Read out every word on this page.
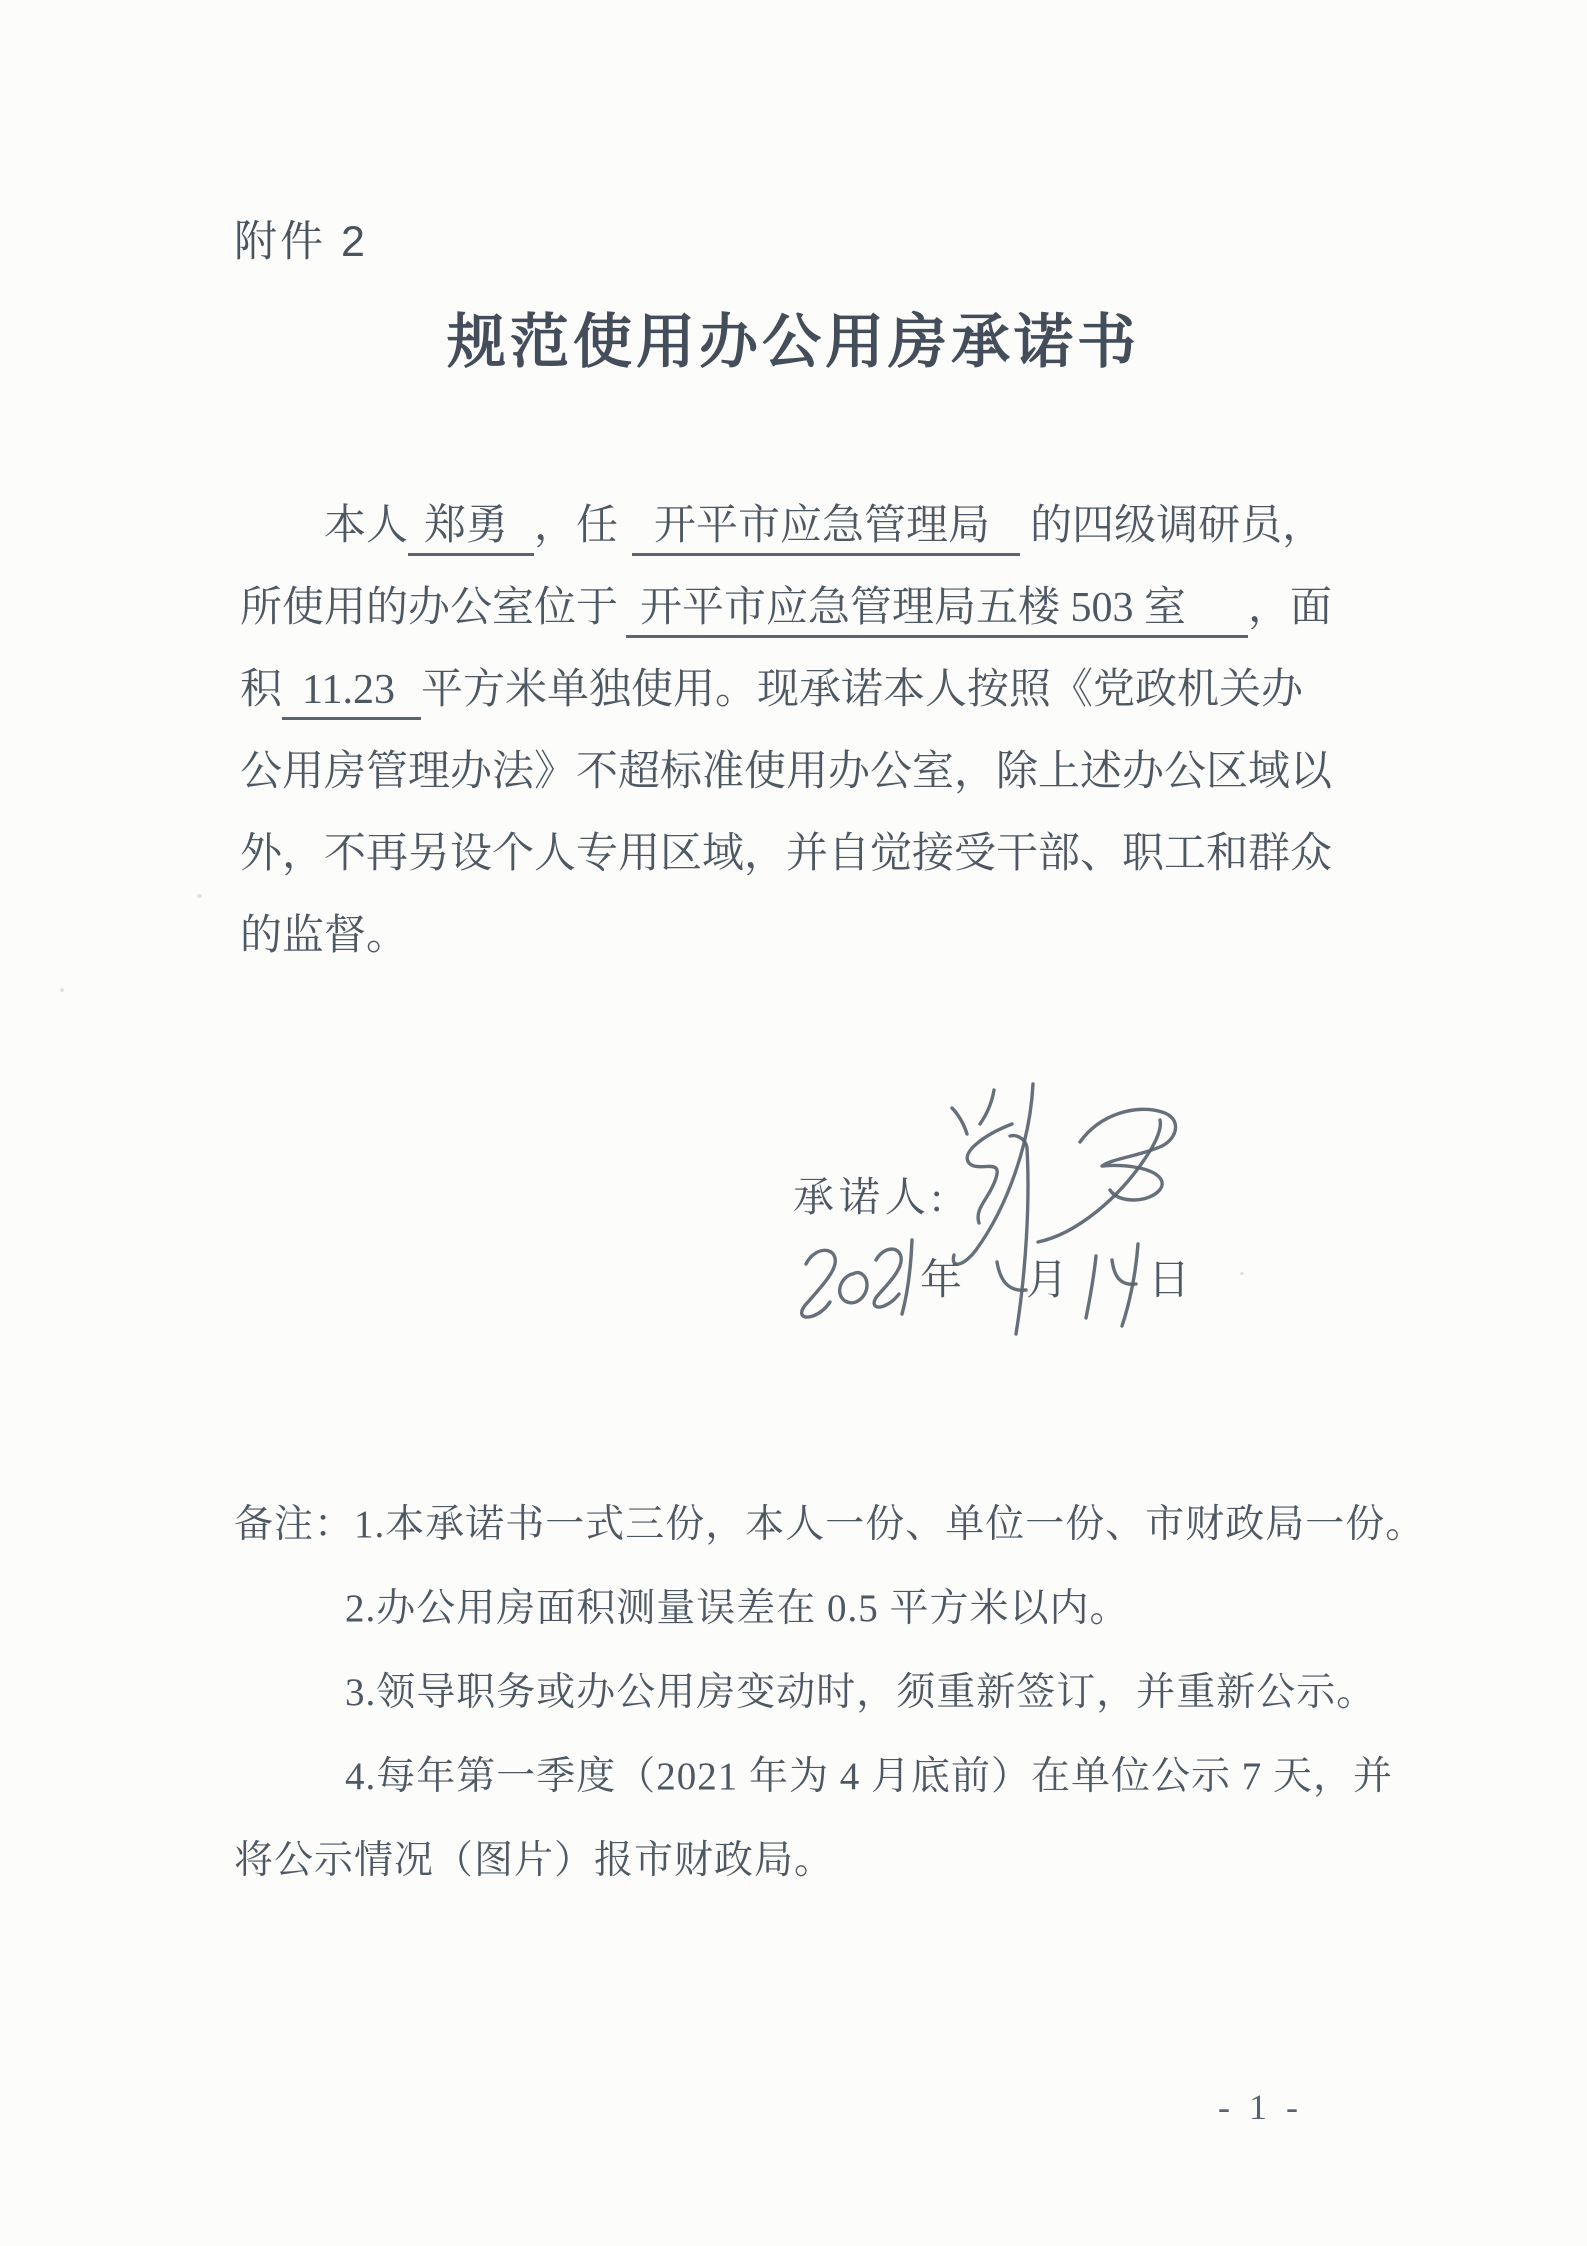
附件 2
规范使用办公用房承诺书
本人 郑勇 ，任 开平市应急管理局 的四级调研员，
所使用的办公室位于 开平市应急管理局五楼 503 室 ，面
积 11.23 平方米单独使用。现承诺本人按照《党政机关办
公用房管理办法》不超标准使用办公室，除上述办公区域以
外，不再另设个人专用区域，并自觉接受干部、职工和群众
的监督。
承诺人:
年 月 日
备注：1.本承诺书一式三份，本人一份、单位一份、市财政局一份。
2.办公用房面积测量误差在 0.5 平方米以内。
3.领导职务或办公用房变动时，须重新签订，并重新公示。
4.每年第一季度（2021 年为 4 月底前）在单位公示 7 天，并
将公示情况（图片）报市财政局。
- 1 -
